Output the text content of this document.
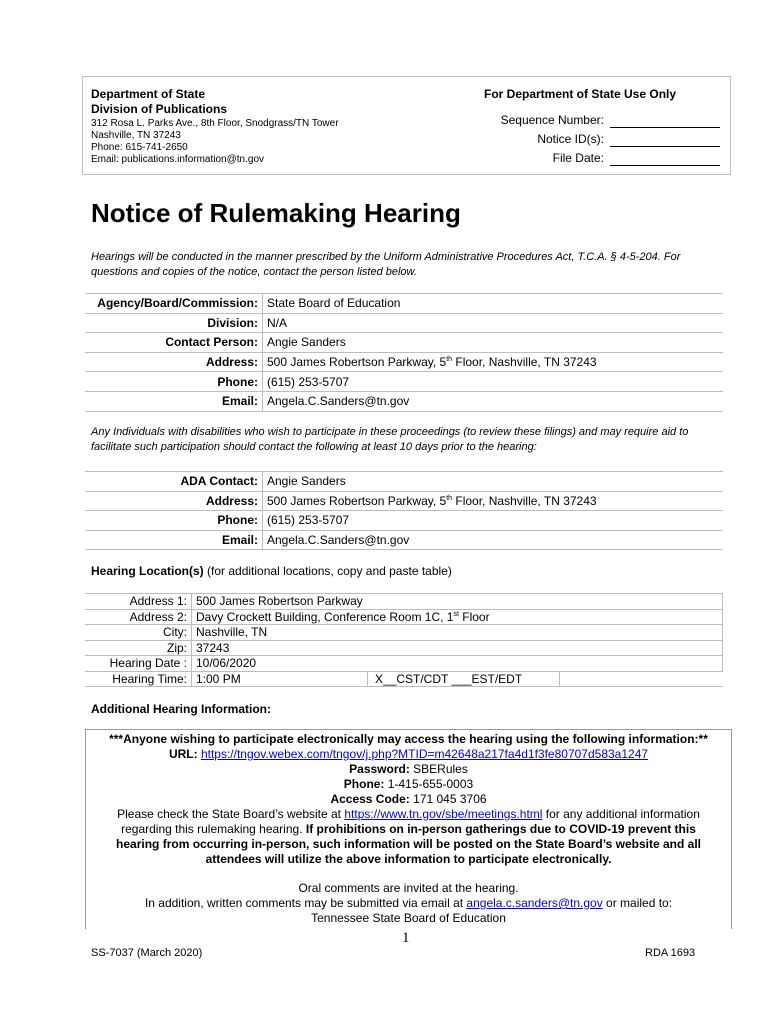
Department of State
Division of Publications
312 Rosa L. Parks Ave., 8th Floor, Snodgrass/TN Tower
Nashville, TN 37243
Phone: 615-741-2650
Email: publications.information@tn.gov
For Department of State Use Only
Sequence Number:
Notice ID(s):
File Date:
Notice of Rulemaking Hearing
Hearings will be conducted in the manner prescribed by the Uniform Administrative Procedures Act, T.C.A. § 4-5-204. For questions and copies of the notice, contact the person listed below.
Agency/Board/Commission:	State Board of Education
Division:	N/A
Contact Person:	Angie Sanders
Address:	500 James Robertson Parkway, 5th Floor, Nashville, TN 37243
Phone:	(615) 253-5707
Email:	Angela.C.Sanders@tn.gov
Any Individuals with disabilities who wish to participate in these proceedings (to review these filings) and may require aid to facilitate such participation should contact the following at least 10 days prior to the hearing:
ADA Contact:	Angie Sanders
Address:	500 James Robertson Parkway, 5th Floor, Nashville, TN 37243
Phone:	(615) 253-5707
Email:	Angela.C.Sanders@tn.gov
Hearing Location(s) (for additional locations, copy and paste table)
Address 1:	500 James Robertson Parkway		
Address 2:	Davy Crockett Building, Conference Room 1C, 1st Floor		
City:	Nashville, TN		
Zip:	37243		
Hearing Date :	10/06/2020		
Hearing Time:	1:00 PM	X__CST/CDT ___EST/EDT	
Additional Hearing Information:
***Anyone wishing to participate electronically may access the hearing using the following information:**
URL: https://tngov.webex.com/tngov/j.php?MTID=m42648a217fa4d1f3fe80707d583a1247
Password: SBERules
Phone: 1-415-655-0003
Access Code: 171 045 3706
Please check the State Board’s website at https://www.tn.gov/sbe/meetings.html for any additional information
regarding this rulemaking hearing. If prohibitions on in-person gatherings due to COVID-19 prevent this
hearing from occurring in-person, such information will be posted on the State Board’s website and all
attendees will utilize the above information to participate electronically.
Oral comments are invited at the hearing.
In addition, written comments may be submitted via email at angela.c.sanders@tn.gov or mailed to:
Tennessee State Board of Education
1
SS-7037 (March 2020)	RDA 1693
